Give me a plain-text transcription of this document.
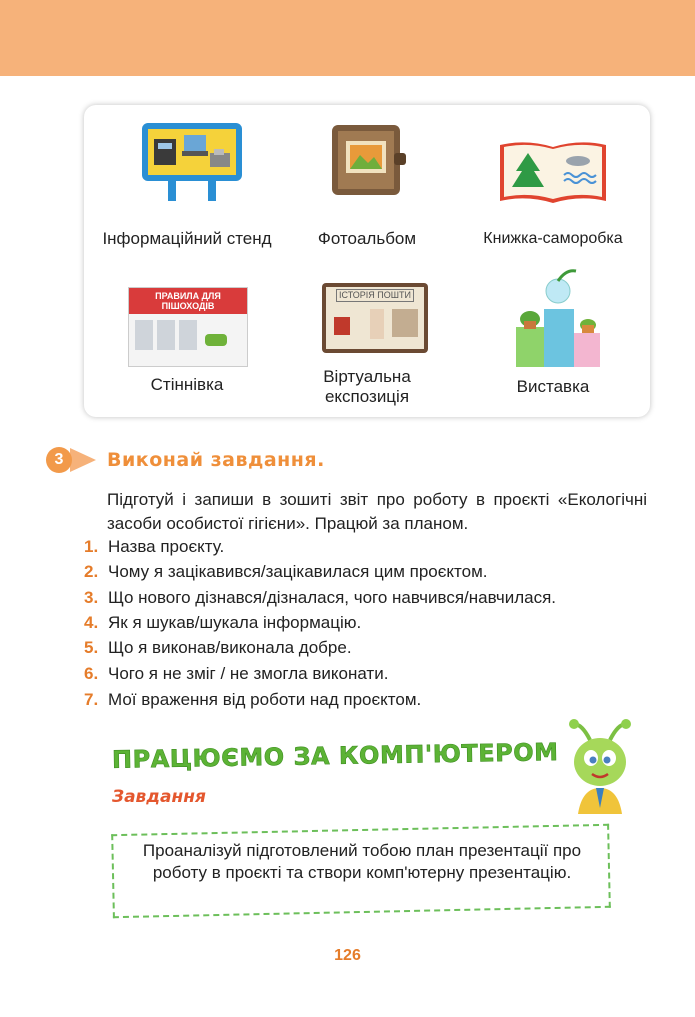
Інформаційний стенд	Фотоальбом	Книжка-саморобка
ПРАВИЛА ДЛЯ ПІШОХОДІВ
Стіннівка
ІСТОРІЯ ПОШТИ
Віртуальна експозиція
Виставка
3	Виконай завдання.
Підготуй і запиши в зошиті звіт про роботу в проєкті «Екологічні засоби особистої гігієни». Працюй за планом.
1. Назва проєкту.
2. Чому я зацікавився/зацікавилася цим проєктом.
3. Що нового дізнався/дізналася, чого навчився/навчилася.
4. Як я шукав/шукала інформацію.
5. Що я виконав/виконала добре.
6. Чого я не зміг / не змогла виконати.
7. Мої враження від роботи над проєктом.
ПРАЦЮЄМО ЗА КОМП'ЮТЕРОМ
Завдання
Проаналізуй підготовлений тобою план презентації про роботу в проєкті та створи комп'ютерну презентацію.
126
